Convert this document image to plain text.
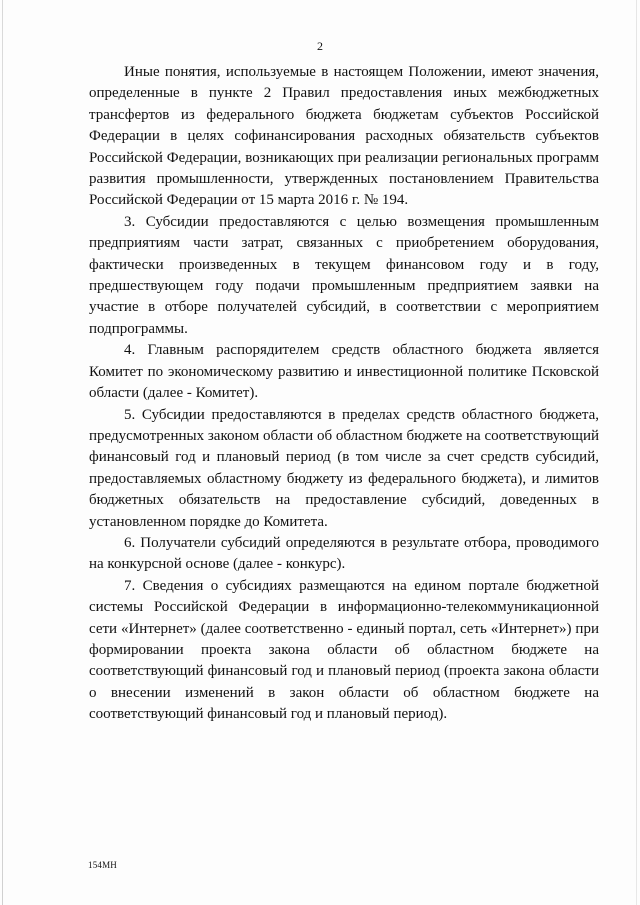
2

Иные понятия, используемые в настоящем Положении, имеют значения, определенные в пункте 2 Правил предоставления иных межбюджетных трансфертов из федерального бюджета бюджетам субъектов Российской Федерации в целях софинансирования расходных обязательств субъектов Российской Федерации, возникающих при реализации региональных программ развития промышленности, утвержденных постановлением Правительства Российской Федерации от 15 марта 2016 г. № 194.

3. Субсидии предоставляются с целью возмещения промышленным предприятиям части затрат, связанных с приобретением оборудования, фактически произведенных в текущем финансовом году и в году, предшествующем году подачи промышленным предприятием заявки на участие в отборе получателей субсидий, в соответствии с мероприятием подпрограммы.

4. Главным распорядителем средств областного бюджета является Комитет по экономическому развитию и инвестиционной политике Псковской области (далее - Комитет).

5. Субсидии предоставляются в пределах средств областного бюджета, предусмотренных законом области об областном бюджете на соответствующий финансовый год и плановый период (в том числе за счет средств субсидий, предоставляемых областному бюджету из федерального бюджета), и лимитов бюджетных обязательств на предоставление субсидий, доведенных в установленном порядке до Комитета.

6. Получатели субсидий определяются в результате отбора, проводимого на конкурсной основе (далее - конкурс).

7. Сведения о субсидиях размещаются на едином портале бюджетной системы Российской Федерации в информационно-телекоммуникационной сети «Интернет» (далее соответственно - единый портал, сеть «Интернет») при формировании проекта закона области об областном бюджете на соответствующий финансовый год и плановый период (проекта закона области о внесении изменений в закон области об областном бюджете на соответствующий финансовый год и плановый период).

154МН
